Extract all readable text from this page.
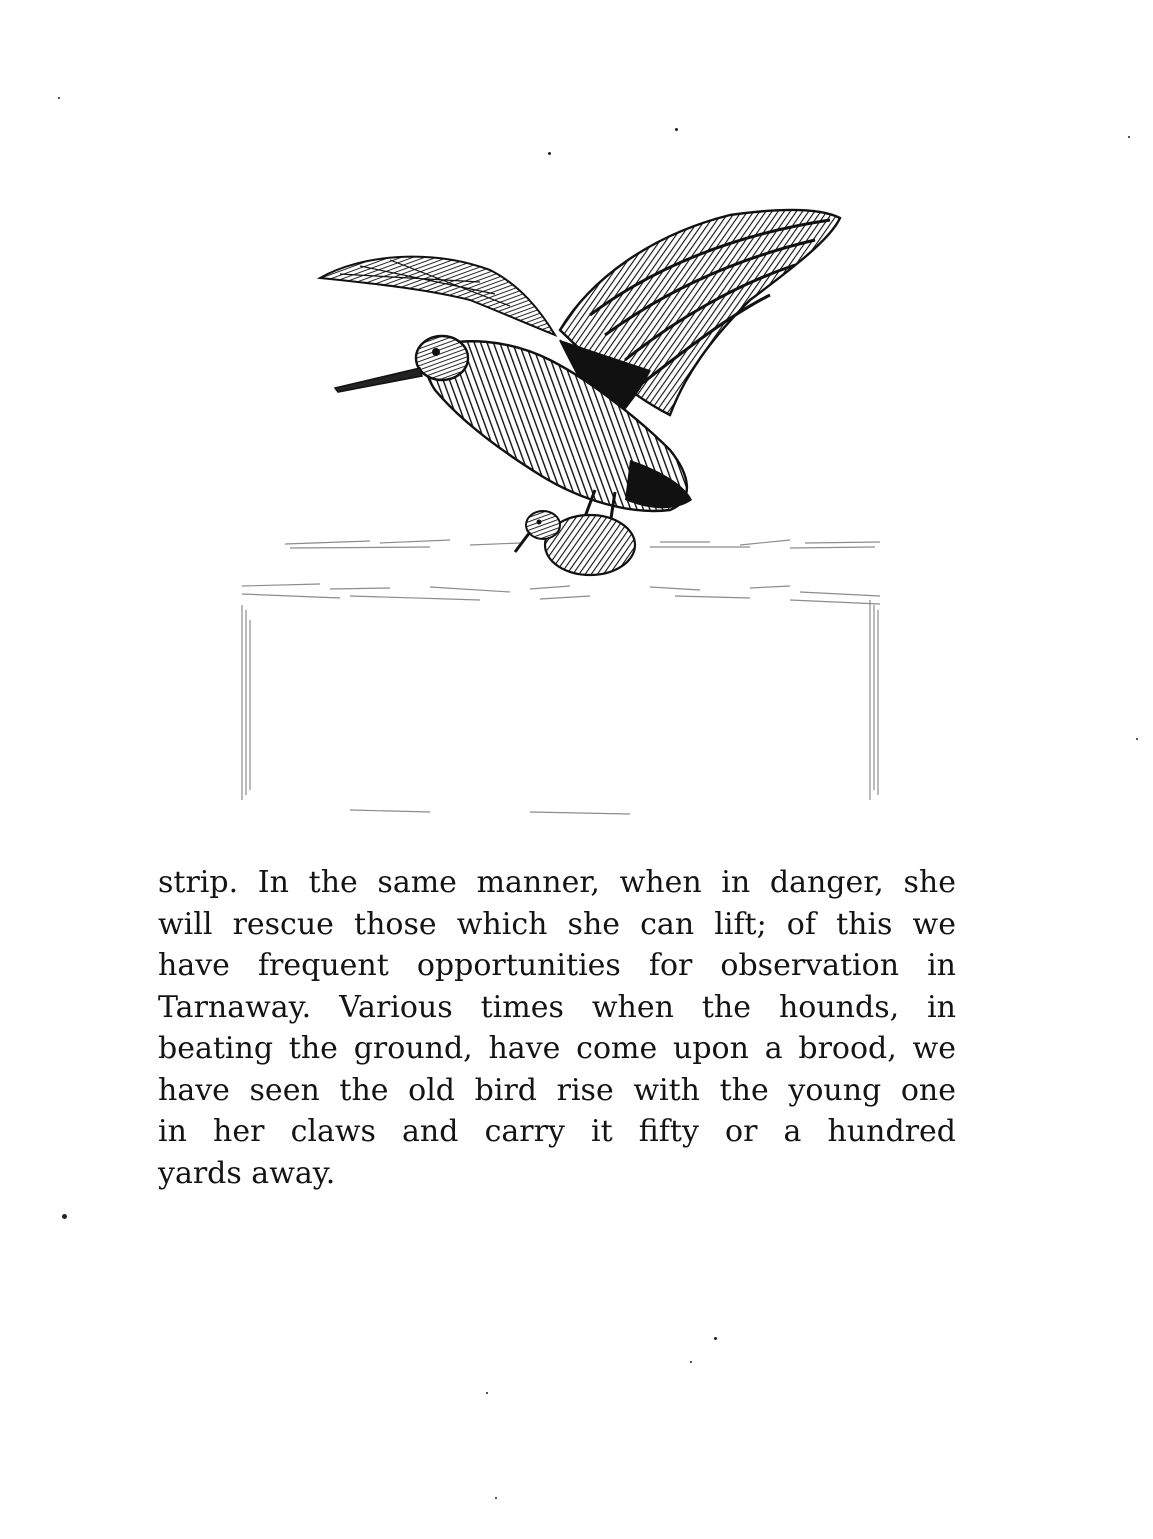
strip. In the same manner, when in danger, she
will rescue those which she can lift; of this we
have frequent opportunities for observation in
Tarnaway. Various times when the hounds, in
beating the ground, have come upon a brood, we
have seen the old bird rise with the young one
in her claws and carry it fifty or a hundred
yards away.
